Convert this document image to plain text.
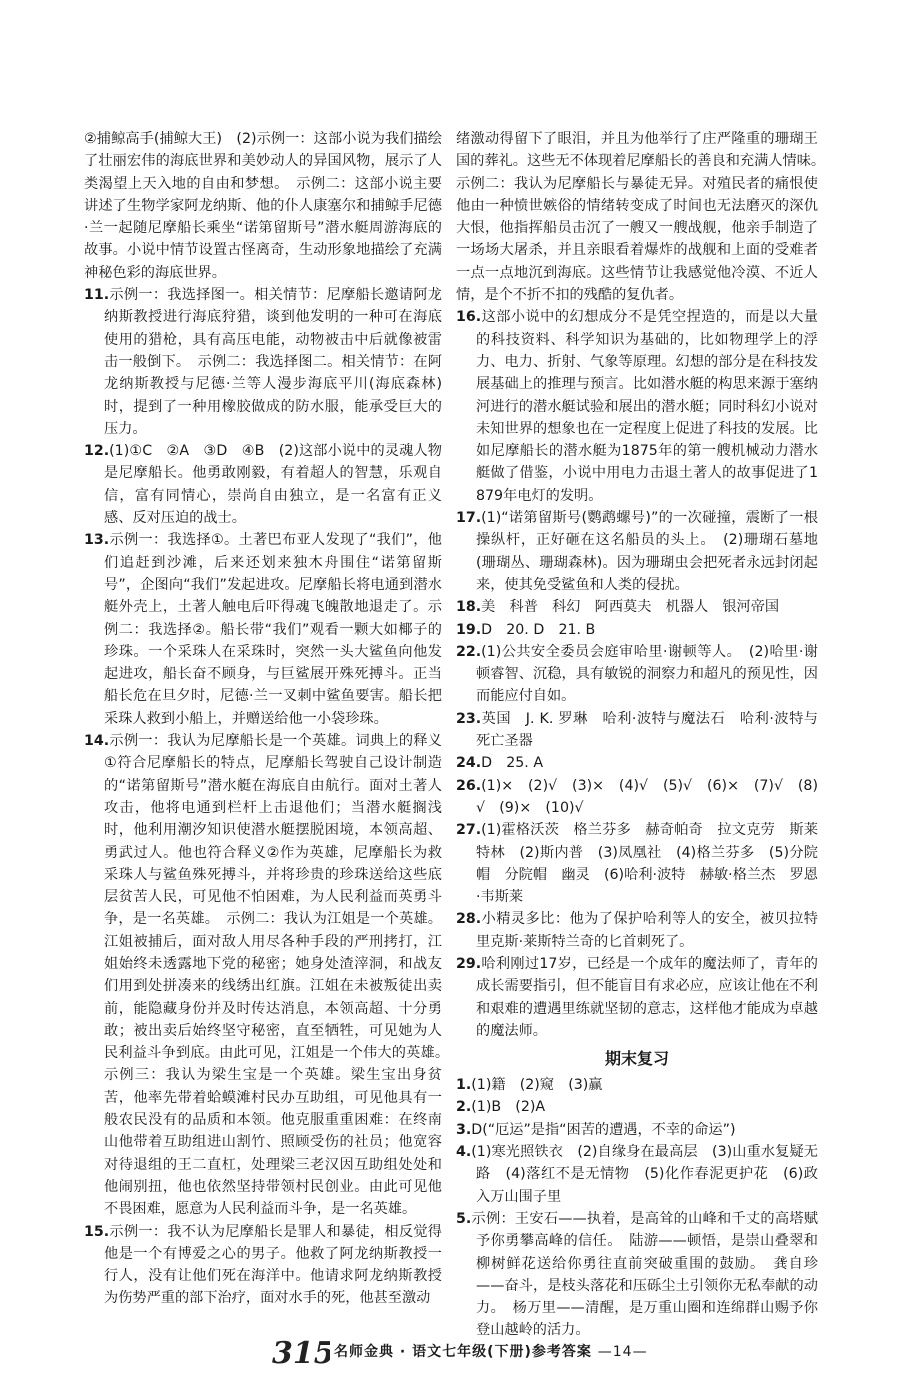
②捕鲸高手(捕鲸大王)　(2)示例一：这部小说为我们描绘了壮丽宏伟的海底世界和美妙动人的异国风物，展示了人类渴望上天入地的自由和梦想。　示例二：这部小说主要讲述了生物学家阿龙纳斯、他的仆人康塞尔和捕鲸手尼德·兰一起随尼摩船长乘坐“诺第留斯号”潜水艇周游海底的故事。小说中情节设置古怪离奇，生动形象地描绘了充满神秘色彩的海底世界。

11.示例一：我选择图一。相关情节：尼摩船长邀请阿龙纳斯教授进行海底狩猎，谈到他发明的一种可在海底使用的猎枪，具有高压电能，动物被击中后就像被雷击一般倒下。　示例二：我选择图二。相关情节：在阿龙纳斯教授与尼德·兰等人漫步海底平川(海底森林)时，提到了一种用橡胶做成的防水服，能承受巨大的压力。

12.(1)①C　②A　③D　④B　(2)这部小说中的灵魂人物是尼摩船长。他勇敢刚毅，有着超人的智慧，乐观自信，富有同情心，崇尚自由独立，是一名富有正义感、反对压迫的战士。

13.示例一：我选择①。土著巴布亚人发现了“我们”，他们追赶到沙滩，后来还划来独木舟围住“诺第留斯号”，企图向“我们”发起进攻。尼摩船长将电通到潜水艇外壳上，土著人触电后吓得魂飞魄散地退走了。示例二：我选择②。船长带“我们”观看一颗大如椰子的珍珠。一个采珠人在采珠时，突然一头大鲨鱼向他发起进攻，船长奋不顾身，与巨鲨展开殊死搏斗。正当船长危在旦夕时，尼德·兰一叉刺中鲨鱼要害。船长把采珠人救到小船上，并赠送给他一小袋珍珠。

14.示例一：我认为尼摩船长是一个英雄。词典上的释义①符合尼摩船长的特点，尼摩船长驾驶自己设计制造的“诺第留斯号”潜水艇在海底自由航行。面对土著人攻击，他将电通到栏杆上击退他们；当潜水艇搁浅时，他利用潮汐知识使潜水艇摆脱困境，本领高超、勇武过人。他也符合释义②作为英雄，尼摩船长为救采珠人与鲨鱼殊死搏斗，并将珍贵的珍珠送给这些底层贫苦人民，可见他不怕困难，为人民利益而英勇斗争，是一名英雄。　示例二：我认为江姐是一个英雄。江姐被捕后，面对敌人用尽各种手段的严刑拷打，江姐始终未透露地下党的秘密；她身处渣滓洞，和战友们用到处拼凑来的线绣出红旗。江姐在未被叛徒出卖前，能隐藏身份并及时传达消息，本领高超、十分勇敢；被出卖后始终坚守秘密，直至牺牲，可见她为人民利益斗争到底。由此可见，江姐是一个伟大的英雄。　示例三：我认为梁生宝是一个英雄。梁生宝出身贫苦，他率先带着蛤蟆滩村民办互助组，可见他具有一般农民没有的品质和本领。他克服重重困难：在终南山他带着互助组进山割竹、照顾受伤的社员；他宽容对待退组的王二直杠，处理梁三老汉因互助组处处和他闹别扭，他也依然坚持带领村民创业。由此可见他不畏困难，愿意为人民利益而斗争，是一名英雄。

15.示例一：我不认为尼摩船长是罪人和暴徒，相反觉得他是一个有博爱之心的男子。他救了阿龙纳斯教授一行人，没有让他们死在海洋中。他请求阿龙纳斯教授为伤势严重的部下治疗，面对水手的死，他甚至激动

绪激动得留下了眼泪，并且为他举行了庄严隆重的珊瑚王国的葬礼。这些无不体现着尼摩船长的善良和充满人情味。　示例二：我认为尼摩船长与暴徒无异。对殖民者的痛恨使他由一种愤世嫉俗的情绪转变成了时间也无法磨灭的深仇大恨，他指挥船员击沉了一艘又一艘战舰，他亲手制造了一场场大屠杀，并且亲眼看着爆炸的战舰和上面的受难者一点一点地沉到海底。这些情节让我感觉他冷漠、不近人情，是个不折不扣的残酷的复仇者。

16.这部小说中的幻想成分不是凭空捏造的，而是以大量的科技资料、科学知识为基础的，比如物理学上的浮力、电力、折射、气象等原理。幻想的部分是在科技发展基础上的推理与预言。比如潜水艇的构思来源于塞纳河进行的潜水艇试验和展出的潜水艇；同时科幻小说对未知世界的想象也在一定程度上促进了科技的发展。比如尼摩船长的潜水艇为1875年的第一艘机械动力潜水艇做了借鉴，小说中用电力击退土著人的故事促进了1879年电灯的发明。

17.(1)“诺第留斯号(鹦鹉螺号)”的一次碰撞，震断了一根操纵杆，正好砸在这名船员的头上。　(2)珊瑚石墓地(珊瑚丛、珊瑚森林)。因为珊瑚虫会把死者永远封闭起来，使其免受鲨鱼和人类的侵扰。

18.美　科普　科幻　阿西莫夫　机器人　银河帝国

19.D　20. D　21. B

22.(1)公共安全委员会庭审哈里·谢顿等人。　(2)哈里·谢顿睿智、沉稳，具有敏锐的洞察力和超凡的预见性，因而能应付自如。

23.英国　J. K. 罗琳　哈利·波特与魔法石　哈利·波特与死亡圣器

24.D　25. A

26.(1)×　(2)√　(3)×　(4)√　(5)√　(6)×　(7)√　(8)√　(9)×　(10)√

27.(1)霍格沃茨　格兰芬多　赫奇帕奇　拉文克劳　斯莱特林　(2)斯内普　(3)凤凰社　(4)格兰芬多　(5)分院帽　分院帽　幽灵　(6)哈利·波特　赫敏·格兰杰　罗恩·韦斯莱

28.小精灵多比：他为了保护哈利等人的安全，被贝拉特里克斯·莱斯特兰奇的匕首刺死了。

29.哈利刚过17岁，已经是一个成年的魔法师了，青年的成长需要指引，但不能盲目有求必应，应该让他在不利和艰难的遭遇里练就坚韧的意志，这样他才能成为卓越的魔法师。

期末复习

1.(1)籍　(2)窥　(3)赢

2.(1)B　(2)A

3.D(“厄运”是指“困苦的遭遇，不幸的命运”)

4.(1)寒光照铁衣　(2)自缘身在最高层　(3)山重水复疑无路　(4)落红不是无情物　(5)化作春泥更护花　(6)政入万山围子里

5.示例：王安石——执着，是高耸的山峰和千丈的高塔赋予你勇攀高峰的信任。　陆游——顿悟，是崇山叠翠和柳树鲜花送给你勇往直前突破重围的鼓励。　龚自珍——奋斗，是枝头落花和压砾尘土引领你无私奉献的动力。　杨万里——清醒，是万重山圈和连绵群山赐予你登山越岭的活力。

315 名师金典 · 语文七年级(下册)参考答案 —14—
